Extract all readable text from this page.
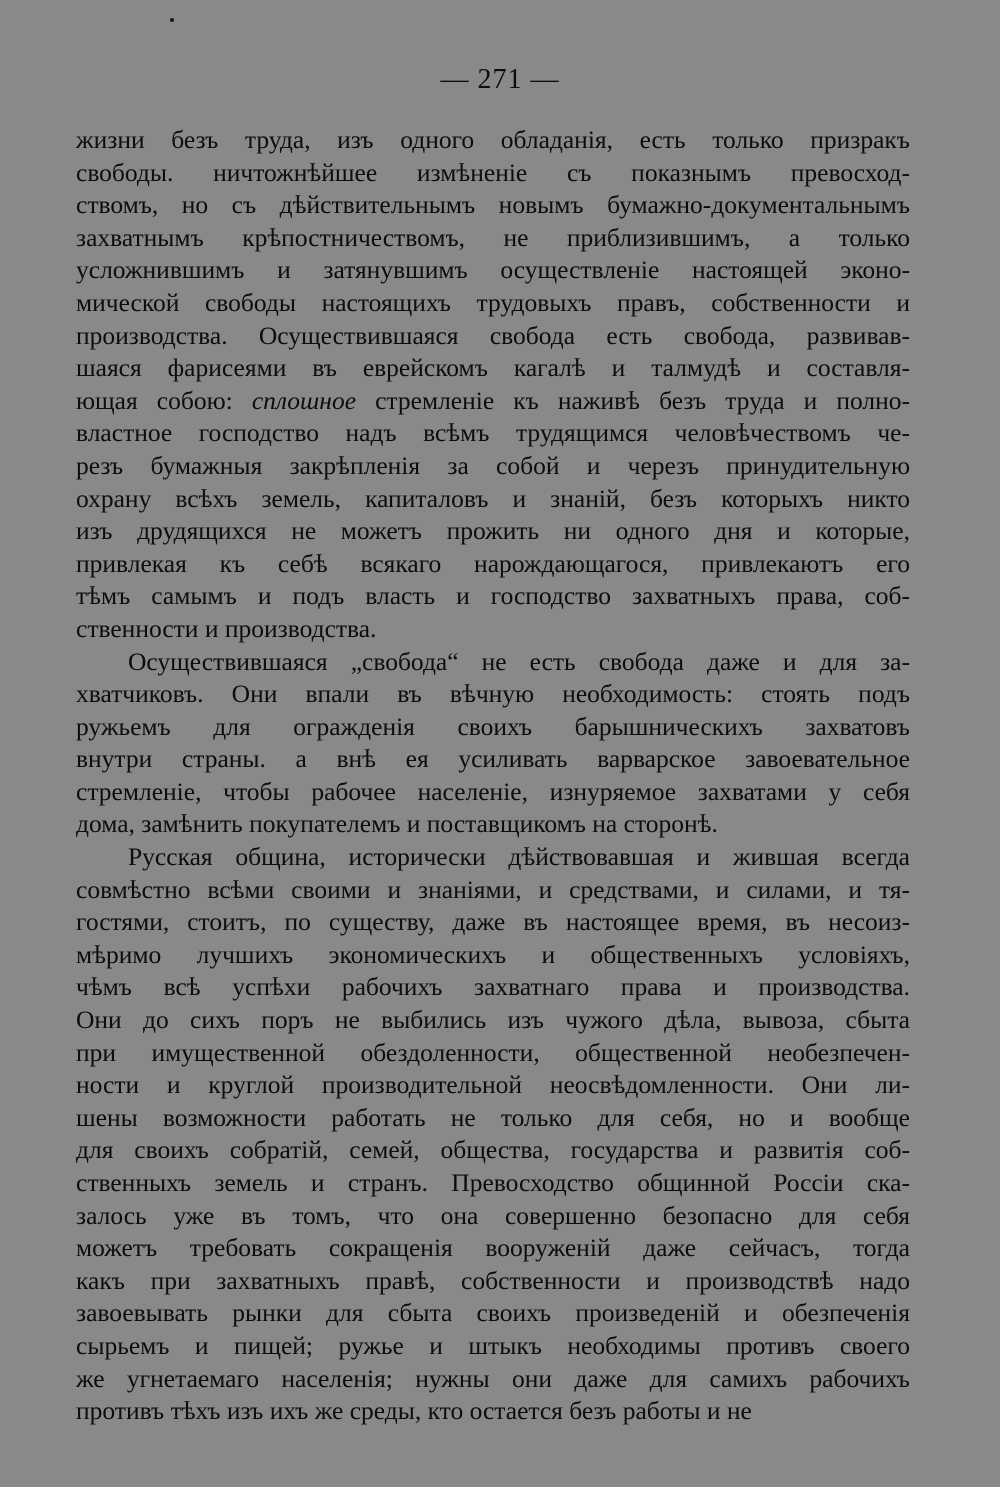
— 271 —
жизни безъ труда, изъ одного обладанія, есть только призракъ
свободы. ничтожнѣйшее измѣненіе съ показнымъ превосход-
ствомъ, но съ дѣйствительнымъ новымъ бумажно-документальнымъ
захватнымъ крѣпостничествомъ, не приблизившимъ, а только
усложнившимъ и затянувшимъ осуществленіе настоящей эконо-
мической свободы настоящихъ трудовыхъ правъ, собственности и
производства. Осуществившаяся свобода есть свобода, развивав-
шаяся фарисеями въ еврейскомъ кагалѣ и талмудѣ и составля-
ющая собою: сплошное стремленіе къ наживѣ безъ труда и полно-
властное господство надъ всѣмъ трудящимся человѣчествомъ че-
резъ бумажныя закрѣпленія за собой и черезъ принудительную
охрану всѣхъ земель, капиталовъ и знаній, безъ которыхъ никто
изъ друдящихся не можетъ прожить ни одного дня и которые,
привлекая къ себѣ всякаго нарождающагося, привлекаютъ его
тѣмъ самымъ и подъ власть и господство захватныхъ права, соб-
ственности и производства.
Осуществившаяся „свобода“ не есть свобода даже и для за-
хватчиковъ. Они впали въ вѣчную необходимость: стоять подъ
ружьемъ для огражденія своихъ барышническихъ захватовъ
внутри страны. а внѣ ея усиливать варварское завоевательное
стремленіе, чтобы рабочее населеніе, изнуряемое захватами у себя
дома, замѣнить покупателемъ и поставщикомъ на сторонѣ.
Русская община, исторически дѣйствовавшая и жившая всегда
совмѣстно всѣми своими и знаніями, и средствами, и силами, и тя-
гостями, стоитъ, по существу, даже въ настоящее время, въ несоиз-
мѣримо лучшихъ экономическихъ и общественныхъ условіяхъ,
чѣмъ всѣ успѣхи рабочихъ захватнаго права и производства.
Они до сихъ поръ не выбились изъ чужого дѣла, вывоза, сбыта
при имущественной обездоленности, общественной необезпечен-
ности и круглой производительной неосвѣдомленности. Они ли-
шены возможности работать не только для себя, но и вообще
для своихъ собратій, семей, общества, государства и развитія соб-
ственныхъ земель и странъ. Превосходство общинной Россіи ска-
залось уже въ томъ, что она совершенно безопасно для себя
можетъ требовать сокращенія вооруженій даже сейчасъ, тогда
какъ при захватныхъ правѣ, собственности и производствѣ надо
завоевывать рынки для сбыта своихъ произведеній и обезпеченія
сырьемъ и пищей; ружье и штыкъ необходимы противъ своего
же угнетаемаго населенія; нужны они даже для самихъ рабочихъ
противъ тѣхъ изъ ихъ же среды, кто остается безъ работы и не
